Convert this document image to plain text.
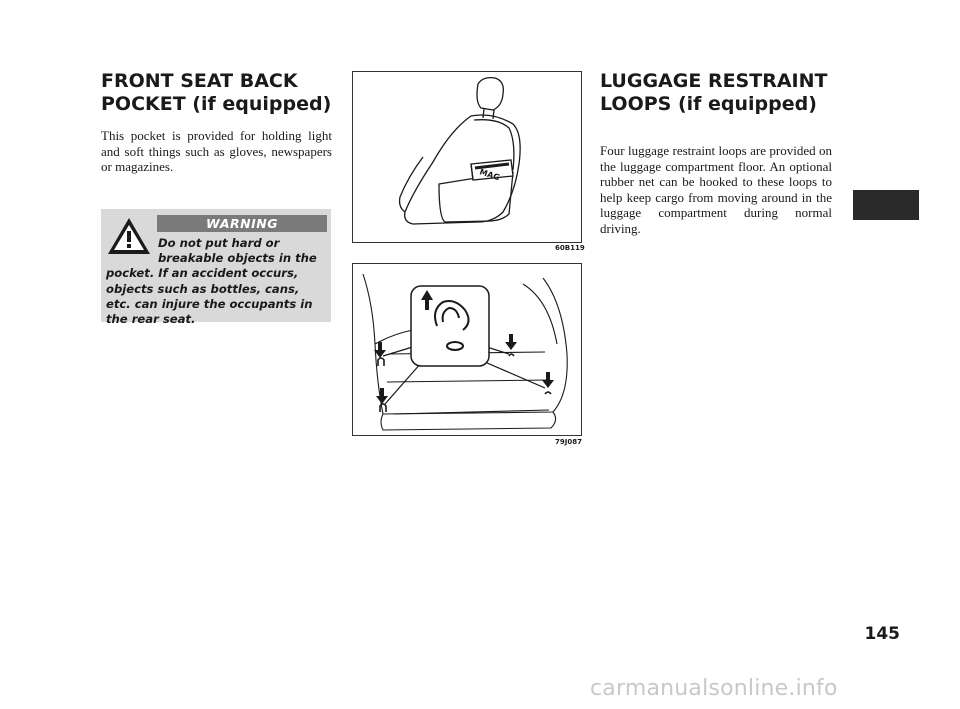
FRONT SEAT BACK
POCKET (if equipped)

This pocket is provided for holding light and soft things such as gloves, newspapers or magazines.

WARNING

Do not put hard or breakable objects in the pocket. If an accident occurs, objects such as bottles, cans, etc. can injure the occupants in the rear seat.

MAG
60B119
79J087
LUGGAGE RESTRAINT
LOOPS (if equipped)

Four luggage restraint loops are provided on the luggage compartment floor. An optional rubber net can be hooked to these loops to help keep cargo from moving around in the luggage compartment during normal driving.

145
carmanualsonline.info
